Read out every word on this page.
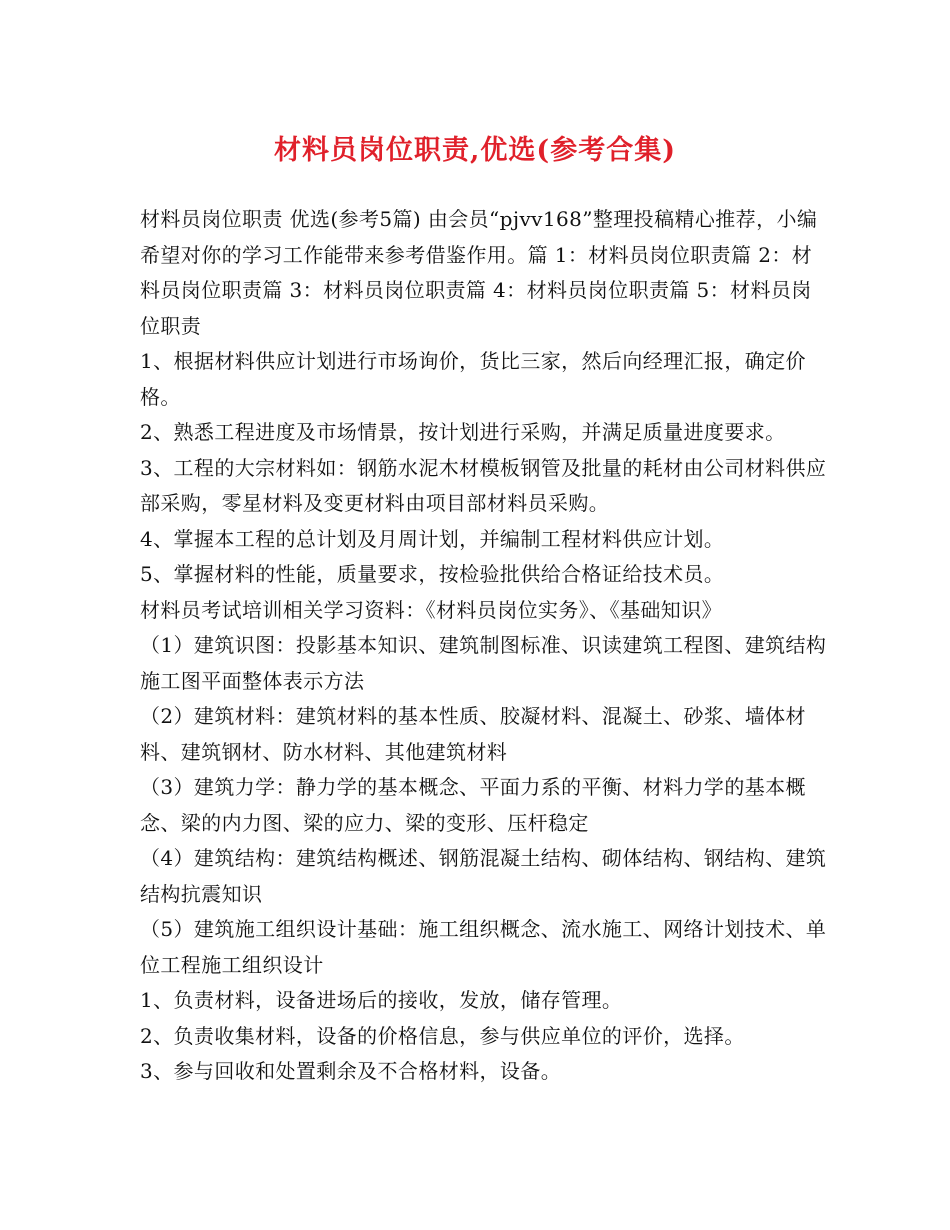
材料员岗位职责,优选(参考合集)

材料员岗位职责 优选(参考5篇) 由会员“pjvv168”整理投稿精心推荐，小编希望对你的学习工作能带来参考借鉴作用。篇 1：材料员岗位职责篇 2：材料员岗位职责篇 3：材料员岗位职责篇 4：材料员岗位职责篇 5：材料员岗位职责

1、根据材料供应计划进行市场询价，货比三家，然后向经理汇报，确定价格。

2、熟悉工程进度及市场情景，按计划进行采购，并满足质量进度要求。

3、工程的大宗材料如：钢筋水泥木材模板钢管及批量的耗材由公司材料供应部采购，零星材料及变更材料由项目部材料员采购。

4、掌握本工程的总计划及月周计划，并编制工程材料供应计划。

5、掌握材料的性能，质量要求，按检验批供给合格证给技术员。

材料员考试培训相关学习资料：《材料员岗位实务》、《基础知识》

（1）建筑识图：投影基本知识、建筑制图标准、识读建筑工程图、建筑结构施工图平面整体表示方法

（2）建筑材料：建筑材料的基本性质、胶凝材料、混凝土、砂浆、墙体材料、建筑钢材、防水材料、其他建筑材料

（3）建筑力学：静力学的基本概念、平面力系的平衡、材料力学的基本概念、梁的内力图、梁的应力、梁的变形、压杆稳定

（4）建筑结构：建筑结构概述、钢筋混凝土结构、砌体结构、钢结构、建筑结构抗震知识

（5）建筑施工组织设计基础：施工组织概念、流水施工、网络计划技术、单位工程施工组织设计

1、负责材料，设备进场后的接收，发放，储存管理。

2、负责收集材料，设备的价格信息，参与供应单位的评价，选择。

3、参与回收和处置剩余及不合格材料，设备。
